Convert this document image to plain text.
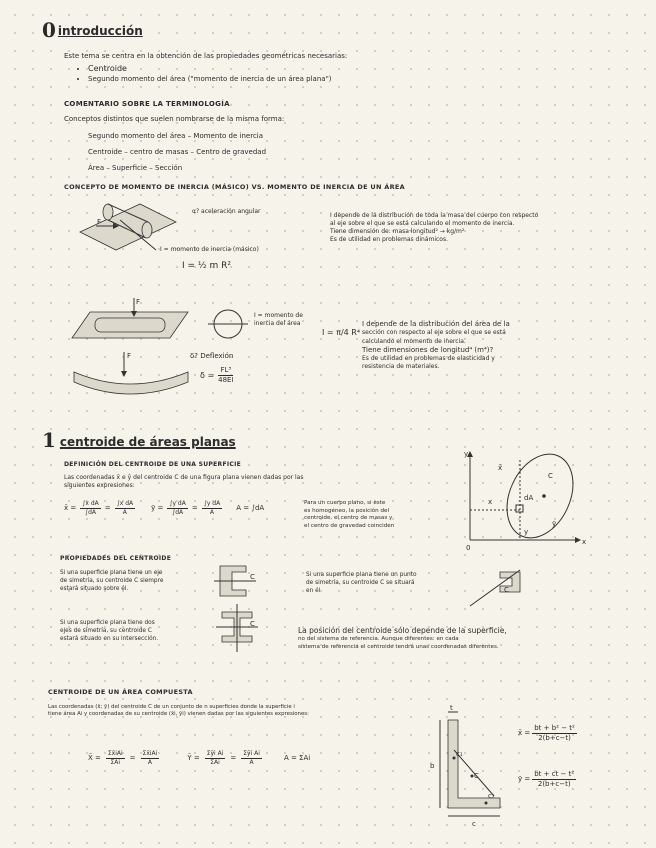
0 introducción
Este tema se centra en la obtención de las propiedades geométricas necesarias:
• Centroide
• Segundo momento del área ("momento de inercia de un área plana")
COMENTARIO SOBRE LA TERMINOLOGÍA
Conceptos distintos que suelen nombrarse de la misma forma:
Segundo momento del área – Momento de inercia
Centroide – centro de masas – Centro de gravedad
Área – Superficie – Sección
CONCEPTO DE MOMENTO DE INERCIA (MÁSICO) VS. MOMENTO DE INERCIA DE UN ÁREA
F
α? aceleración angular
I = momento de inercia (másico)
I = ½ m R²
I depende de la distribución de toda la masa del cuerpo con respecto
al eje sobre el que se está calculando el momento de inercia.
Tiene dimensión de: masa·longitud² → kg/m²
Es de utilidad en problemas dinámicos.
F
F
I = momento de inercia del área
I = π/4 R⁴
δ? Deflexión
$\delta = \frac{\text{FL³}}{48EI}$
I depende de la distribución del área de la
sección con respecto al eje sobre el que se está
calculando el momento de inercia.
Tiene dimensiones de longitud⁴ (m⁴)?
Es de utilidad en problemas de elasticidad y
resistencia de materiales.
1 centroide de áreas planas
DEFINICIÓN DEL CENTROIDE DE UNA SUPERFICIE
Las coordenadas x̄ e ȳ del centroide C de una figura plana vienen dadas por las
siguientes expresiones:
x̄ = $\frac{\text{∫x dA}}{\int dA} = \frac{\text{∫x dA}}{A}$ ȳ = $\frac{\text{∫y dA}}{\int dA} = \frac{\text{∫y dA}}{A}$ A = ∫dA
Para un cuerpo plano, si este
es homogéneo, la posición del
centroide, el centro de masas y
el centro de gravedad coinciden
y
x
0
C
dA
x̄
ȳ
x
y
PROPIEDADES DEL CENTROIDE
Si una superficie plana tiene un eje
de simetría, su centroide C siempre
estará situado sobre él.
Si una superficie plana tiene un punto
de simetría, su centroide C se situará
en él
Si una superficie plana tiene dos
ejes de simetría, su centroide C
estará situado en su intersección.
La posición del centroide sólo depende de la superficie,
no del sistema de referencia. Aunque diferentes: en cada
sistema de referencia el centroide tendrá unas coordenadas diferentes.
C
C
C
CENTROIDE DE UN ÁREA COMPUESTA
Las coordenadas (x̄; ȳ) del centroide C de un conjunto de n superficies donde la superficie i
tiene área Ai y coordenadas de su centroide (x̄i, ȳi) vienen dadas por las siguientes expresiones:
X̄ = $\frac{\text{Σx̄iAi}}{\text{ΣAi}} = \frac{\text{Σx̄iAi}}{A}$	Ȳ = $\frac{\text{Σȳi Ai}}{\text{ΣAi}} = \frac{\text{Σȳi Ai}}{A}$	A = ΣAi
t
b
c
c₁
c₂
C
x̄ = $\frac{\text{bt + b² − t²}}{2(b+c-t)}$
ȳ = $\frac{\text{bt + ct − t²}}{2(b+c-t)}$
